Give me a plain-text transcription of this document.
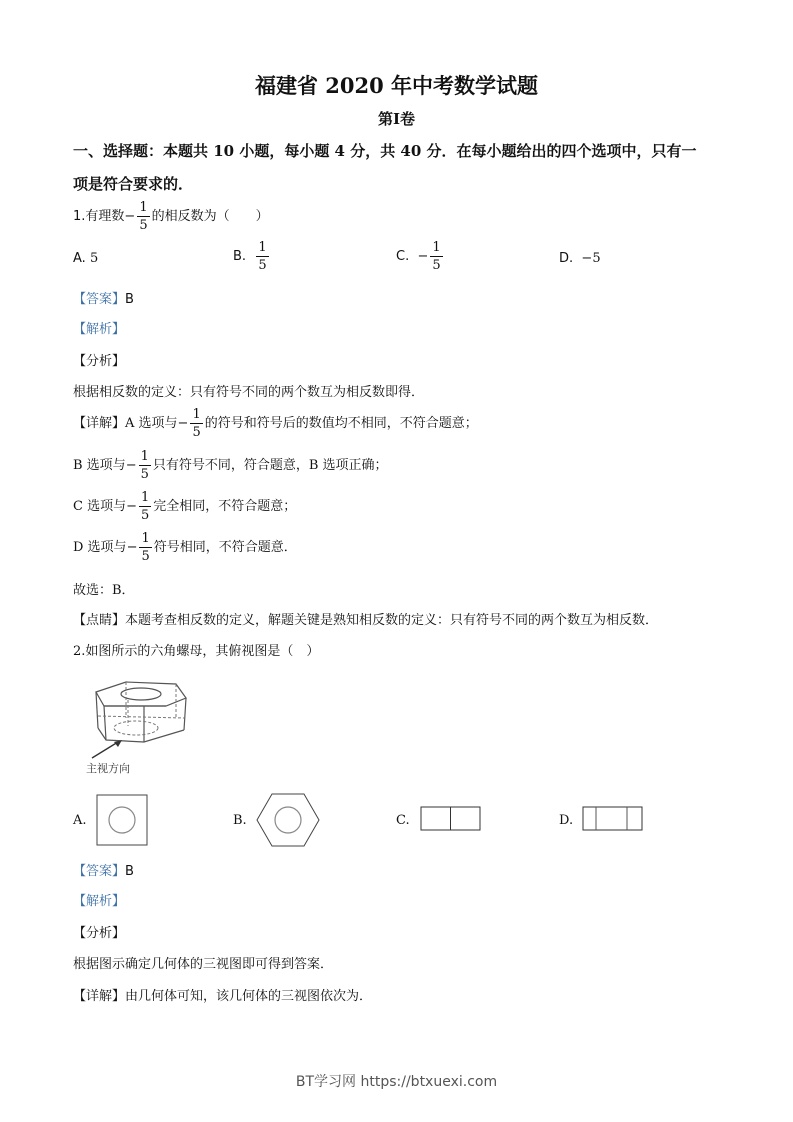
福建省 2020 年中考数学试题
第Ⅰ卷
一、选择题：本题共 10 小题，每小题 4 分，共 40 分．在每小题给出的四个选项中，只有一
项是符合要求的．
1.有理数− $\frac{1}{5}$ 的相反数为（　　）
A. 5	B. $\frac{1}{5}$	C. − $\frac{1}{5}$	D. −5
【答案】B
【解析】
【分析】
根据相反数的定义：只有符号不同的两个数互为相反数即得．
【详解】A 选项与− $\frac{1}{5}$ 的符号和符号后的数值均不相同，不符合题意；
B 选项与− $\frac{1}{5}$ 只有符号不同，符合题意，B 选项正确；
C 选项与− $\frac{1}{5}$ 完全相同，不符合题意；
D 选项与− $\frac{1}{5}$ 符号相同，不符合题意．
故选：B．
【点睛】本题考查相反数的定义，解题关键是熟知相反数的定义：只有符号不同的两个数互为相反数．
2.如图所示的六角螺母，其俯视图是（　）
主视方向
A.	B.	C.	D.
【答案】B
【解析】
【分析】
根据图示确定几何体的三视图即可得到答案．
【详解】由几何体可知，该几何体的三视图依次为．
BT学习网 https://btxuexi.com
